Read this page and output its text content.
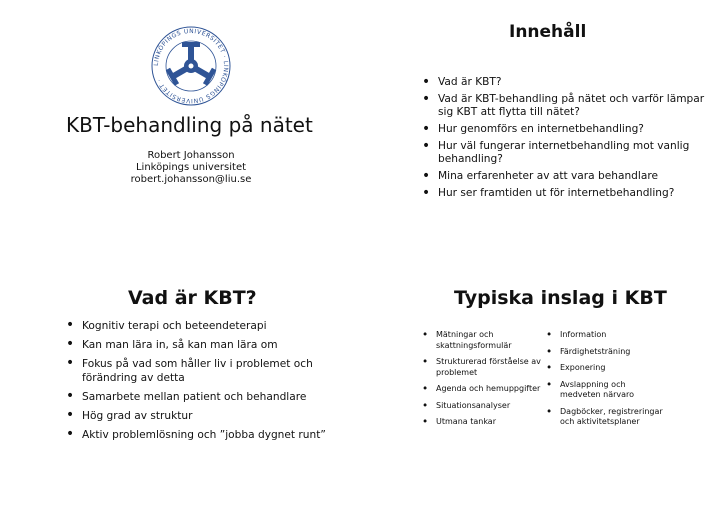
LINKÖPINGS UNIVERSITET · LINKÖPINGS UNIVERSITET ·
KBT-behandling på nätet
Robert Johansson
Linköpings universitet
robert.johansson@liu.se
Innehåll
• Vad är KBT?
• Vad är KBT-behandling på nätet och varför lämpar sig KBT att flytta till nätet?
• Hur genomförs en internetbehandling?
• Hur väl fungerar internetbehandling mot vanlig behandling?
• Mina erfarenheter av att vara behandlare
• Hur ser framtiden ut för internetbehandling?
Vad är KBT?
• Kognitiv terapi och beteendeterapi
• Kan man lära in, så kan man lära om
• Fokus på vad som håller liv i problemet och förändring av detta
• Samarbete mellan patient och behandlare
• Hög grad av struktur
• Aktiv problemlösning och ”jobba dygnet runt”
Typiska inslag i KBT
• Mätningar och skattningsformulär
• Strukturerad förståelse av problemet
• Agenda och hemuppgifter
• Situationsanalyser
• Utmana tankar
• Information
• Färdighetsträning
• Exponering
• Avslappning och medveten närvaro
• Dagböcker, registreringar och aktivitetsplaner
